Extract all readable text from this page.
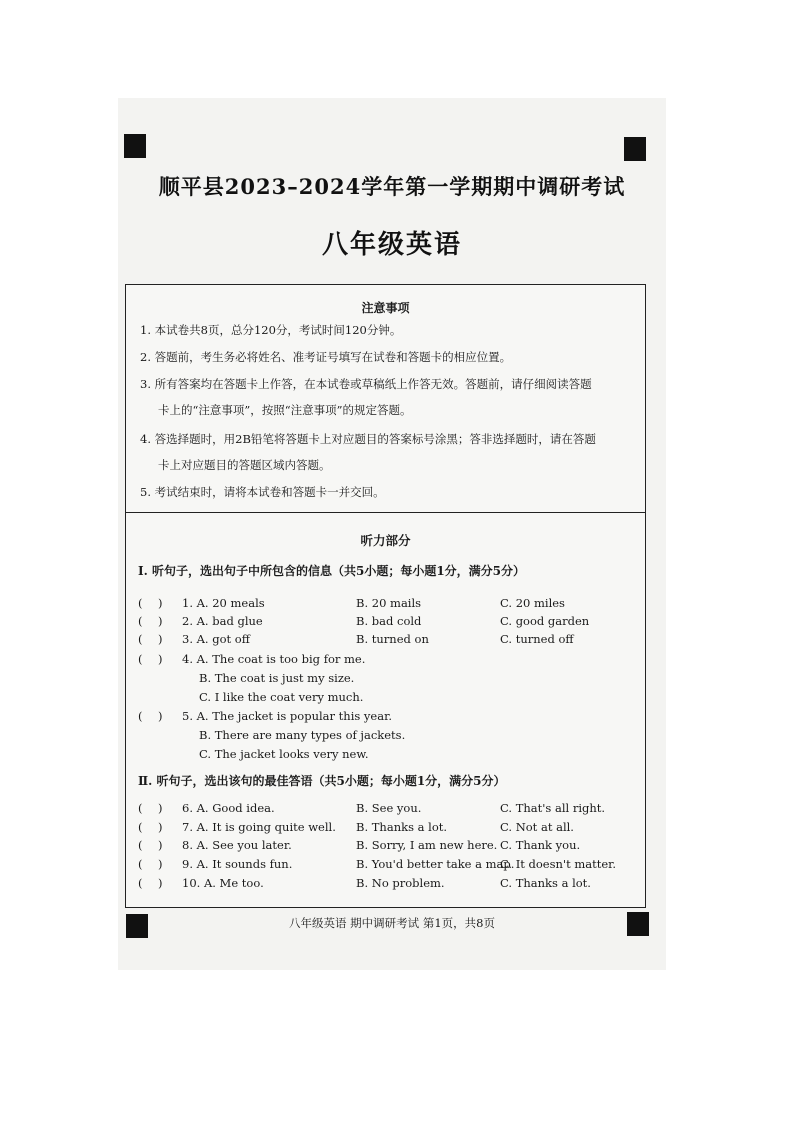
顺平县2023–2024学年第一学期期中调研考试
八年级英语
注意事项
1. 本试卷共8页，总分120分，考试时间120分钟。
2. 答题前，考生务必将姓名、准考证号填写在试卷和答题卡的相应位置。
3. 所有答案均在答题卡上作答，在本试卷或草稿纸上作答无效。答题前，请仔细阅读答题
卡上的“注意事项”，按照“注意事项”的规定答题。
4. 答选择题时，用2B铅笔将答题卡上对应题目的答案标号涂黑；答非选择题时，请在答题
卡上对应题目的答题区域内答题。
5. 考试结束时，请将本试卷和答题卡一并交回。
听力部分
Ⅰ. 听句子，选出句子中所包含的信息（共5小题；每小题1分，满分5分）
( ) 1. A. 20 meals	B. 20 mails	C. 20 miles
( ) 2. A. bad glue	B. bad cold	C. good garden
( ) 3. A. got off	B. turned on	C. turned off
( ) 4. A. The coat is too big for me.
B. The coat is just my size.
C. I like the coat very much.
( ) 5. A. The jacket is popular this year.
B. There are many types of jackets.
C. The jacket looks very new.
Ⅱ. 听句子，选出该句的最佳答语（共5小题；每小题1分，满分5分）
( ) 6. A. Good idea.	B. See you.	C. That's all right.
( ) 7. A. It is going quite well. B. Thanks a lot.	C. Not at all.
( ) 8. A. See you later.	B. Sorry, I am new here. C. Thank you.
( ) 9. A. It sounds fun.	B. You'd better take a map.
C. It doesn't matter.
( ) 10. A. Me too.	B. No problem.	C. Thanks a lot.
八年级英语 期中调研考试 第1页，共8页
